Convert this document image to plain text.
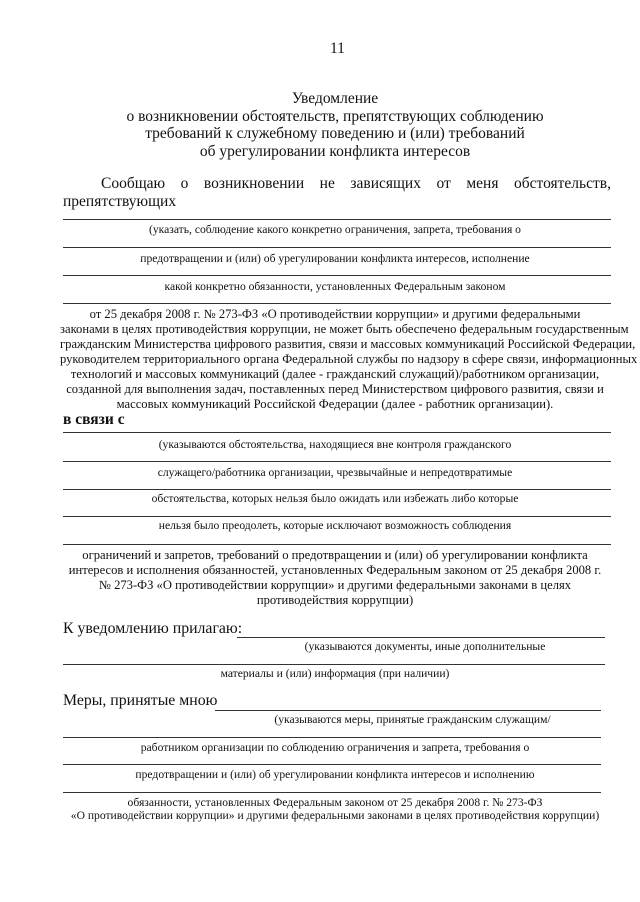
11
Уведомление
о возникновении обстоятельств, препятствующих соблюдению
требований к служебному поведению и (или) требований
об урегулировании конфликта интересов
Сообщаю о возникновении не зависящих от меня обстоятельств,
препятствующих
(указать, соблюдение какого конкретно ограничения, запрета, требования о
предотвращении и (или) об урегулировании конфликта интересов, исполнение
какой конкретно обязанности, установленных Федеральным законом
от 25 декабря 2008 г. № 273-ФЗ «О противодействии коррупции» и другими федеральными
законами в целях противодействия коррупции, не может быть обеспечено федеральным государственным
гражданским Министерства цифрового развития, связи и массовых коммуникаций Российской Федерации,
руководителем территориального органа Федеральной службы по надзору в сфере связи, информационных
технологий и массовых коммуникаций (далее - гражданский служащий)/работником организации,
созданной для выполнения задач, поставленных перед Министерством цифрового развития, связи и
массовых коммуникаций Российской Федерации (далее - работник организации).
в связи с
(указываются обстоятельства, находящиеся вне контроля гражданского
служащего/работника организации, чрезвычайные и непредотвратимые
обстоятельства, которых нельзя было ожидать или избежать либо которые
нельзя было преодолеть, которые исключают возможность соблюдения
ограничений и запретов, требований о предотвращении и (или) об урегулировании конфликта
интересов и исполнения обязанностей, установленных Федеральным законом от 25 декабря 2008 г.
№ 273-ФЗ «О противодействии коррупции» и другими федеральными законами в целях
противодействия коррупции)
К уведомлению прилагаю:
(указываются документы, иные дополнительные
материалы и (или) информация (при наличии)
Меры, принятые мною
(указываются меры, принятые гражданским служащим/
работником организации по соблюдению ограничения и запрета, требования о
предотвращении и (или) об урегулировании конфликта интересов и исполнению
обязанности, установленных Федеральным законом от 25 декабря 2008 г. № 273-ФЗ
«О противодействии коррупции» и другими федеральными законами в целях противодействия коррупции)
